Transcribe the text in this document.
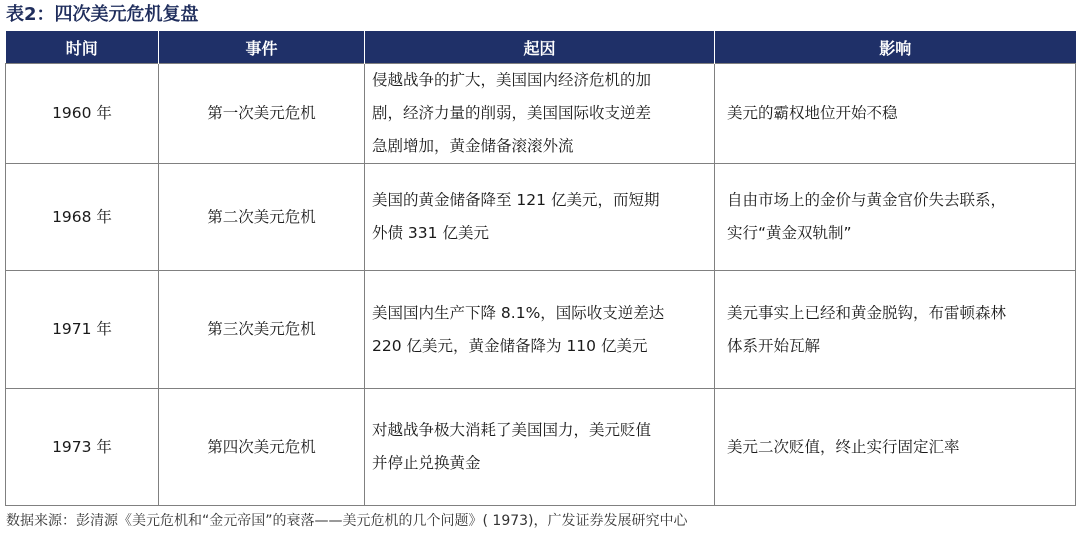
表2：四次美元危机复盘
时间	事件	起因	影响
1960 年	第一次美元危机	侵越战争的扩大，美国国内经济危机的加
剧，经济力量的削弱，美国国际收支逆差
急剧增加，黄金储备滚滚外流	美元的霸权地位开始不稳

1968 年	第二次美元危机	美国的黄金储备降至 121 亿美元，而短期
外债 331 亿美元	自由市场上的金价与黄金官价失去联系，
实行“黄金双轨制”

1971 年	第三次美元危机	美国国内生产下降 8.1%，国际收支逆差达
220 亿美元，黄金储备降为 110 亿美元	美元事实上已经和黄金脱钩，布雷顿森林
体系开始瓦解

1973 年	第四次美元危机	对越战争极大消耗了美国国力，美元贬值
并停止兑换黄金	美元二次贬值，终止实行固定汇率
数据来源：彭清源《美元危机和“金元帝国”的衰落——美元危机的几个问题》( 1973)，广发证券发展研究中心
